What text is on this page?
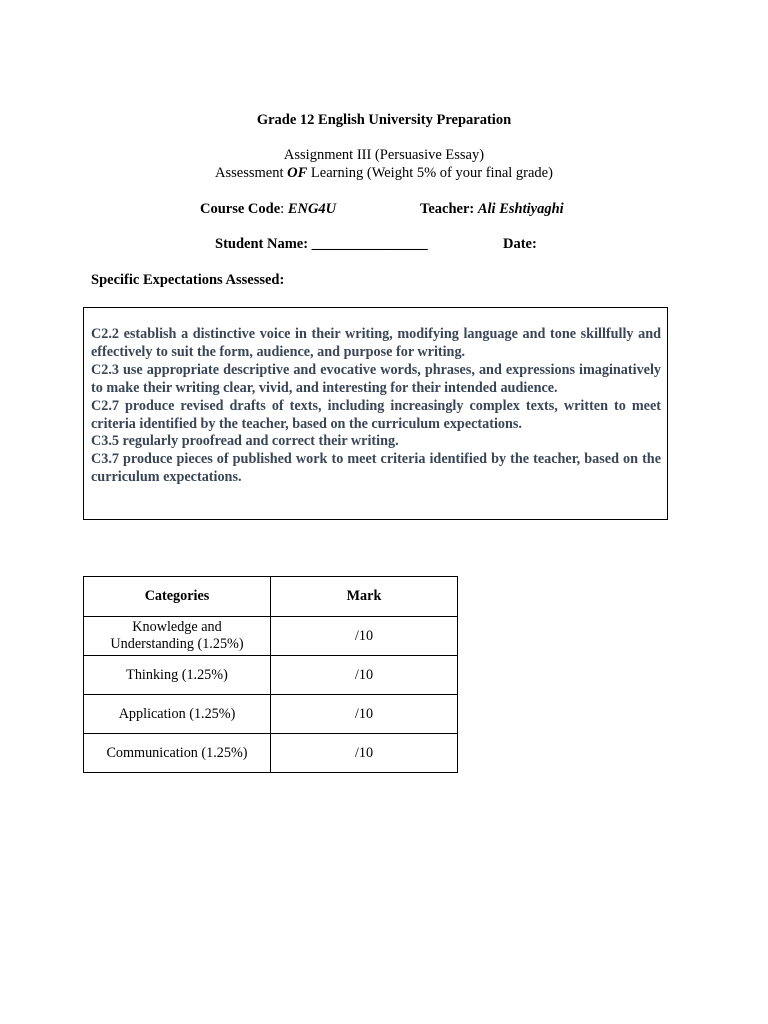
Grade 12 English University Preparation
Assignment III (Persuasive Essay)
Assessment OF Learning (Weight 5% of your final grade)
Course Code: ENG4U	Teacher: Ali Eshtiyaghi
Student Name: ________________	Date:
Specific Expectations Assessed:

C2.2 establish a distinctive voice in their writing, modifying language and tone skillfully and effectively to suit the form, audience, and purpose for writing.

C2.3 use appropriate descriptive and evocative words, phrases, and expressions imaginatively to make their writing clear, vivid, and interesting for their intended audience.

C2.7 produce revised drafts of texts, including increasingly complex texts, written to meet criteria identified by the teacher, based on the curriculum expectations.

C3.5 regularly proofread and correct their writing.

C3.7 produce pieces of published work to meet criteria identified by the teacher, based on the curriculum expectations.

Categories	Mark
Knowledge and
Understanding (1.25%)	/10
Thinking (1.25%)	/10
Application (1.25%)	/10
Communication (1.25%)	/10
